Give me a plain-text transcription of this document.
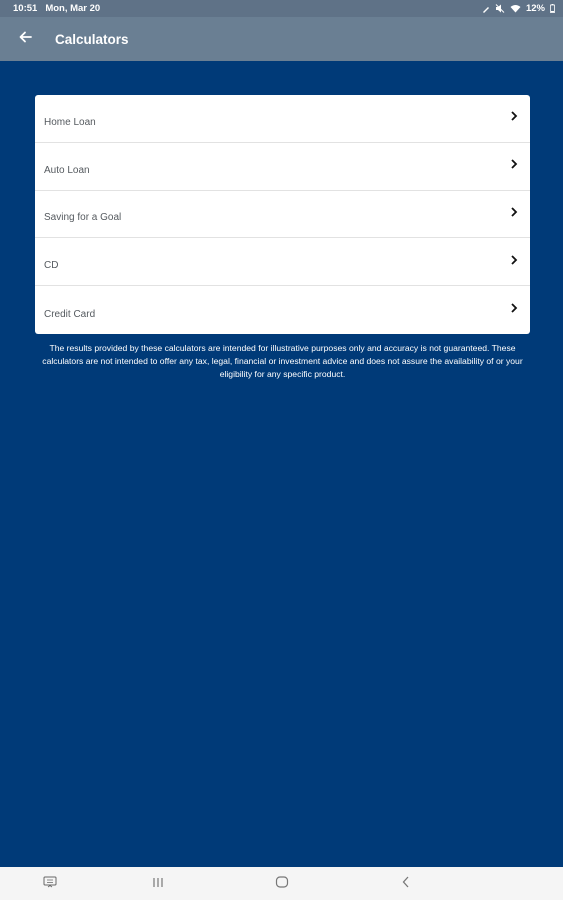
10:51 Mon, Mar 20	12%
Calculators
Home Loan
Auto Loan
Saving for a Goal
CD
Credit Card

The results provided by these calculators are intended for illustrative purposes only and accuracy is not guaranteed. These calculators are not intended to offer any tax, legal, financial or investment advice and does not assure the availability of or your eligibility for any specific product.
